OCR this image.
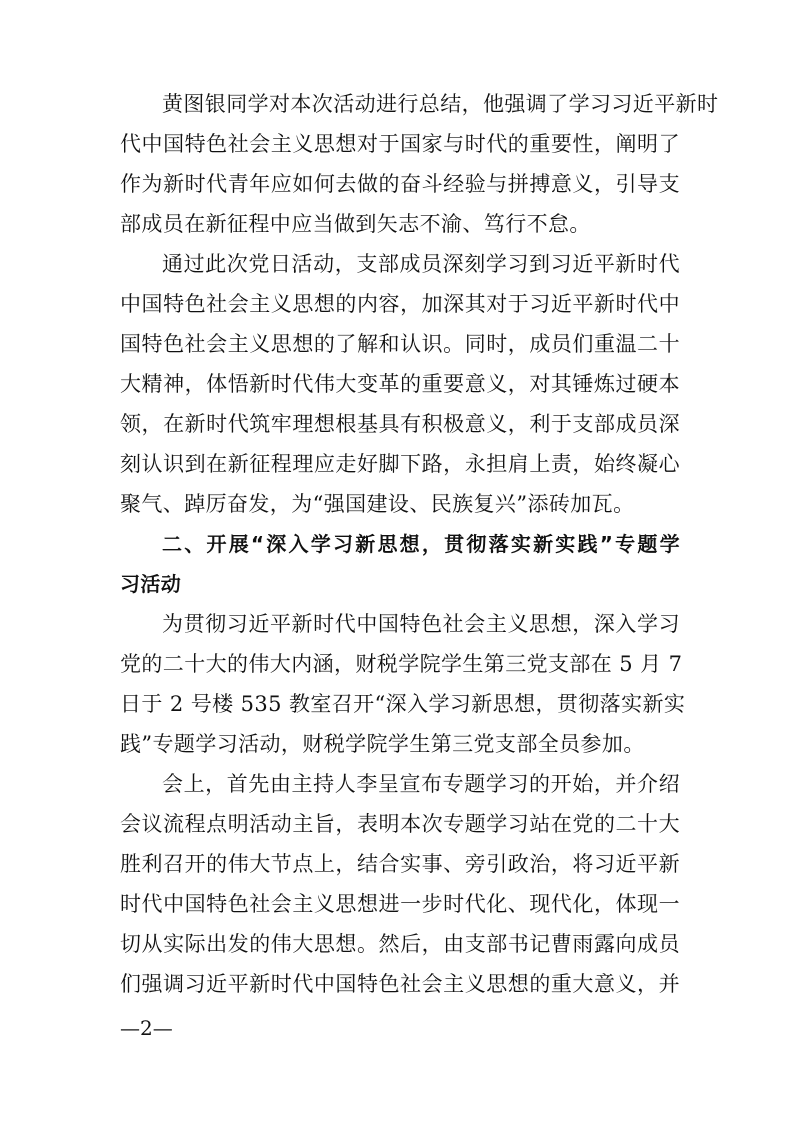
黄图银同学对本次活动进行总结，他强调了学习习近平新时
代中国特色社会主义思想对于国家与时代的重要性，阐明了
作为新时代青年应如何去做的奋斗经验与拼搏意义，引导支
部成员在新征程中应当做到矢志不渝、笃行不怠。
通过此次党日活动，支部成员深刻学习到习近平新时代
中国特色社会主义思想的内容，加深其对于习近平新时代中
国特色社会主义思想的了解和认识。同时，成员们重温二十
大精神，体悟新时代伟大变革的重要意义，对其锤炼过硬本
领，在新时代筑牢理想根基具有积极意义，利于支部成员深
刻认识到在新征程理应走好脚下路，永担肩上责，始终凝心
聚气、踔厉奋发，为“强国建设、民族复兴”添砖加瓦。
二、开展“深入学习新思想，贯彻落实新实践”专题学
习活动
为贯彻习近平新时代中国特色社会主义思想，深入学习
党的二十大的伟大内涵，财税学院学生第三党支部在 5 月 7
日于 2 号楼 535 教室召开“深入学习新思想，贯彻落实新实
践”专题学习活动，财税学院学生第三党支部全员参加。
会上，首先由主持人李呈宣布专题学习的开始，并介绍
会议流程点明活动主旨，表明本次专题学习站在党的二十大
胜利召开的伟大节点上，结合实事、旁引政治，将习近平新
时代中国特色社会主义思想进一步时代化、现代化，体现一
切从实际出发的伟大思想。然后，由支部书记曹雨露向成员
们强调习近平新时代中国特色社会主义思想的重大意义，并
—2—
